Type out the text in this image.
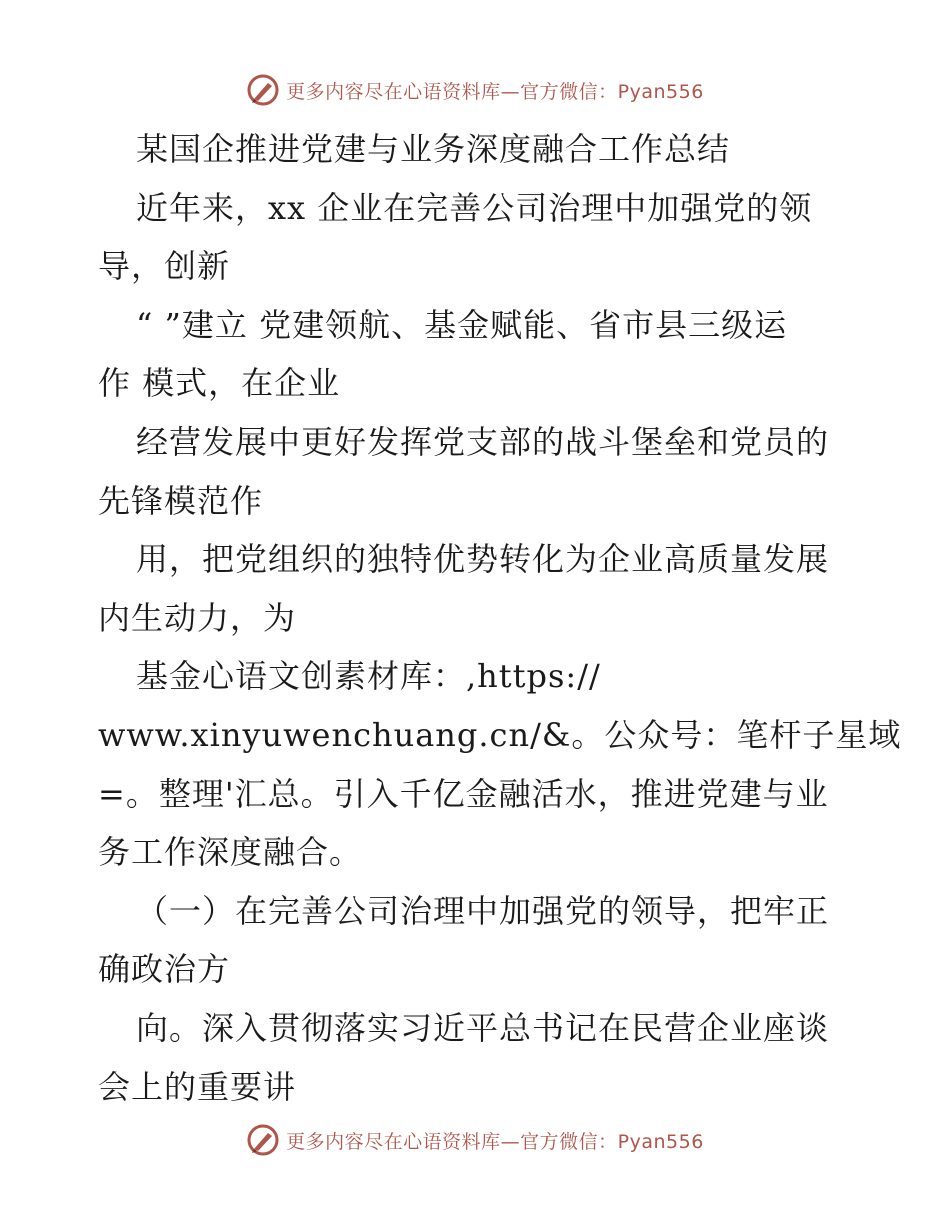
更多内容尽在心语资料库—官方微信：Pyan556
某国企推进党建与业务深度融合工作总结
近年来，xx 企业在完善公司治理中加强党的领
导，创新
“ ”建立 党建领航、基金赋能、省市县三级运
作 模式，在企业
经营发展中更好发挥党支部的战斗堡垒和党员的
先锋模范作
用，把党组织的独特优势转化为企业高质量发展
内生动力，为
基金心语文创素材库：,https://
www.xinyuwenchuang.cn/&。公众号：笔杆子星域
=。整理'汇总。引入千亿金融活水，推进党建与业
务工作深度融合。
（一）在完善公司治理中加强党的领导，把牢正
确政治方
向。深入贯彻落实习近平总书记在民营企业座谈
会上的重要讲
更多内容尽在心语资料库—官方微信：Pyan556
